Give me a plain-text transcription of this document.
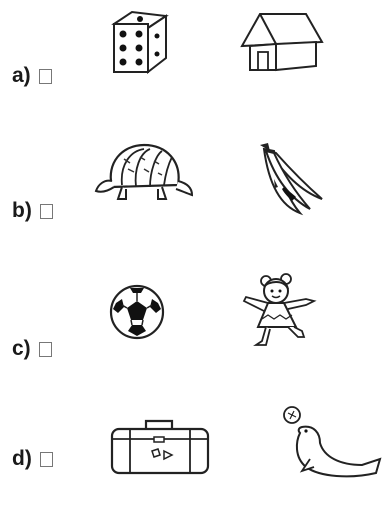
a)
b)
c)
d)
